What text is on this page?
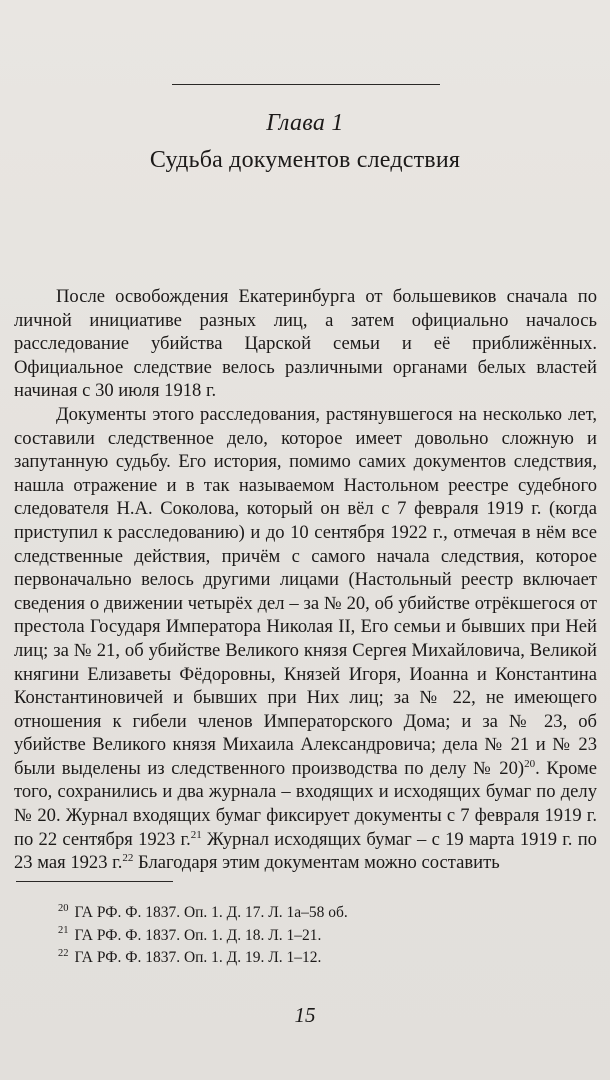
Глава 1
Судьба документов следствия

После освобождения Екатеринбурга от большевиков сначала по личной инициативе разных лиц, а затем официально началось расследование убийства Царской семьи и её приближённых. Официальное следствие велось различными органами белых властей начиная с 30 июля 1918 г.

Документы этого расследования, растянувшегося на несколько лет, составили следственное дело, которое имеет довольно сложную и запутанную судьбу. Его история, помимо самих документов следствия, нашла отражение и в так называемом Настольном реестре судебного следователя Н.А. Соколова, который он вёл с 7 февраля 1919 г. (когда приступил к расследованию) и до 10 сентября 1922 г., отмечая в нём все следственные действия, причём с самого начала следствия, которое первоначально велось другими лицами (Настольный реестр включает сведения о движении четырёх дел – за № 20, об убийстве отрёкшегося от престола Государя Императора Николая II, Его семьи и бывших при Ней лиц; за № 21, об убийстве Великого князя Сергея Михайловича, Великой княгини Елизаветы Фёдоровны, Князей Игоря, Иоанна и Константина Константиновичей и бывших при Них лиц; за № 22, не имеющего отношения к гибели членов Императорского Дома; и за № 23, об убийстве Великого князя Михаила Александровича; дела № 21 и № 23 были выделены из следственного производства по делу № 20)$^{20}$. Кроме того, сохранились и два журнала – входящих и исходящих бумаг по делу № 20. Журнал входящих бумаг фиксирует документы с 7 февраля 1919 г. по 22 сентября 1923 г.$^{21}$ Журнал исходящих бумаг – с 19 марта 1919 г. по 23 мая 1923 г.$^{22}$ Благодаря этим документам можно составить

$^{20}$ ГА РФ. Ф. 1837. Оп. 1. Д. 17. Л. 1а–58 об.
$^{21}$ ГА РФ. Ф. 1837. Оп. 1. Д. 18. Л. 1–21.
$^{22}$ ГА РФ. Ф. 1837. Оп. 1. Д. 19. Л. 1–12.
15
